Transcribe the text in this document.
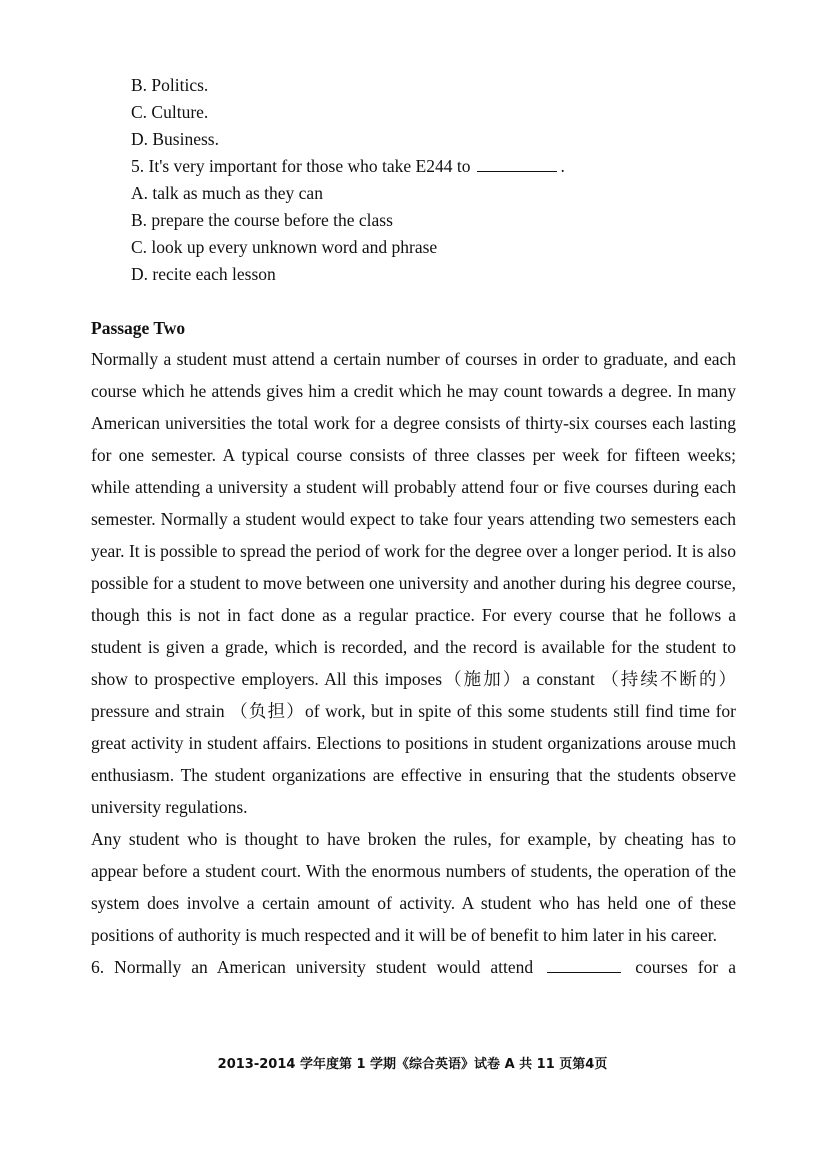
B. Politics.
C. Culture.
D. Business.
5. It's very important for those who take E244 to	.
A. talk as much as they can
B. prepare the course before the class
C. look up every unknown word and phrase
D. recite each lesson
Passage Two

Normally a student must attend a certain number of courses in order to graduate, and each course which he attends gives him a credit which he may count towards a degree. In many American universities the total work for a degree consists of thirty-six courses each lasting for one semester. A typical course consists of three classes per week for fifteen weeks; while attending a university a student will probably attend four or five courses during each semester. Normally a student would expect to take four years attending two semesters each year. It is possible to spread the period of work for the degree over a longer period. It is also possible for a student to move between one university and another during his degree course, though this is not in fact done as a regular practice. For every course that he follows a student is given a grade, which is recorded, and the record is available for the student to show to prospective employers. All this imposes（施加）a constant （持续不断的）pressure and strain （负担）of work, but in spite of this some students still find time for great activity in student affairs. Elections to positions in student organizations arouse much enthusiasm. The student organizations are effective in ensuring that the students observe university regulations.

Any student who is thought to have broken the rules, for example, by cheating has to appear before a student court. With the enormous numbers of students, the operation of the system does involve a certain amount of activity. A student who has held one of these positions of authority is much respected and it will be of benefit to him later in his career.

6. Normally an American university student would attend	courses for a

2013-2014 学年度第 1 学期《综合英语》试卷 A 共 11 页第4页
